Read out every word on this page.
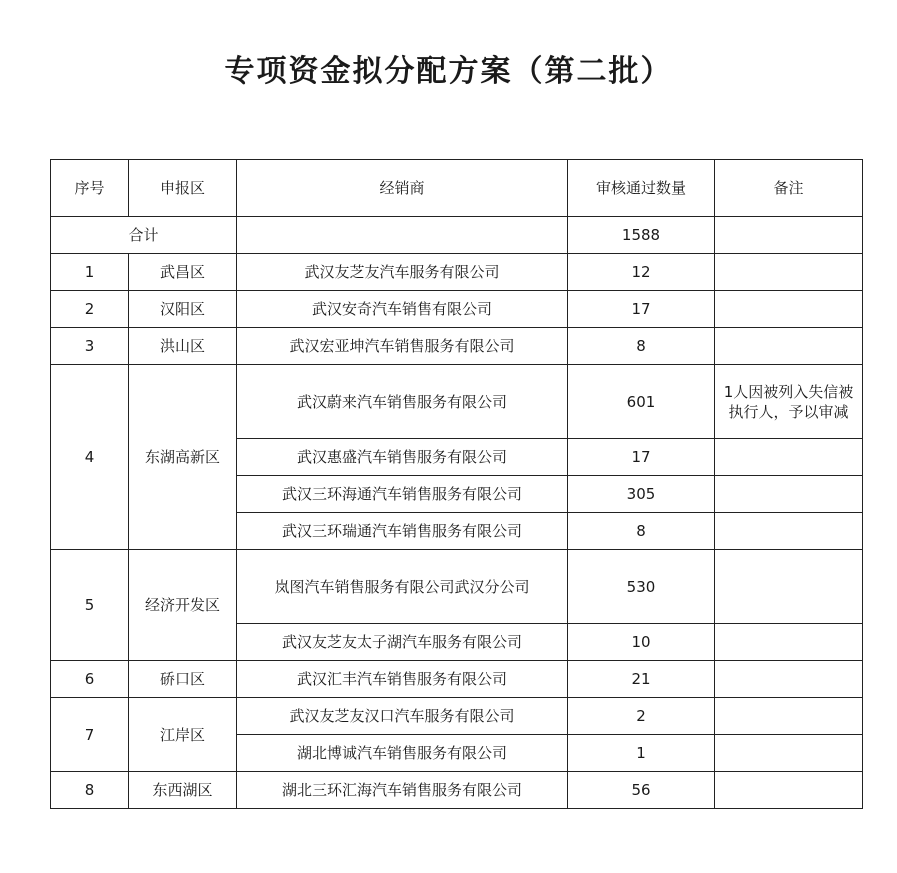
专项资金拟分配方案（第二批）
序号	申报区	经销商	审核通过数量	备注
合计			1588	
1	武昌区	武汉友芝友汽车服务有限公司	12	
2	汉阳区	武汉安奇汽车销售有限公司	17	
3	洪山区	武汉宏亚坤汽车销售服务有限公司	8	
4	东湖高新区	武汉蔚来汽车销售服务有限公司	601	1人因被列入失信被执行人，予以审减
		武汉惠盛汽车销售服务有限公司	17	
		武汉三环海通汽车销售服务有限公司	305	
		武汉三环瑞通汽车销售服务有限公司	8	
5	经济开发区	岚图汽车销售服务有限公司武汉分公司	530	
		武汉友芝友太子湖汽车服务有限公司	10	
6	硚口区	武汉汇丰汽车销售服务有限公司	21	
7	江岸区	武汉友芝友汉口汽车服务有限公司	2	
		湖北博诚汽车销售服务有限公司	1	
8	东西湖区	湖北三环汇海汽车销售服务有限公司	56	
